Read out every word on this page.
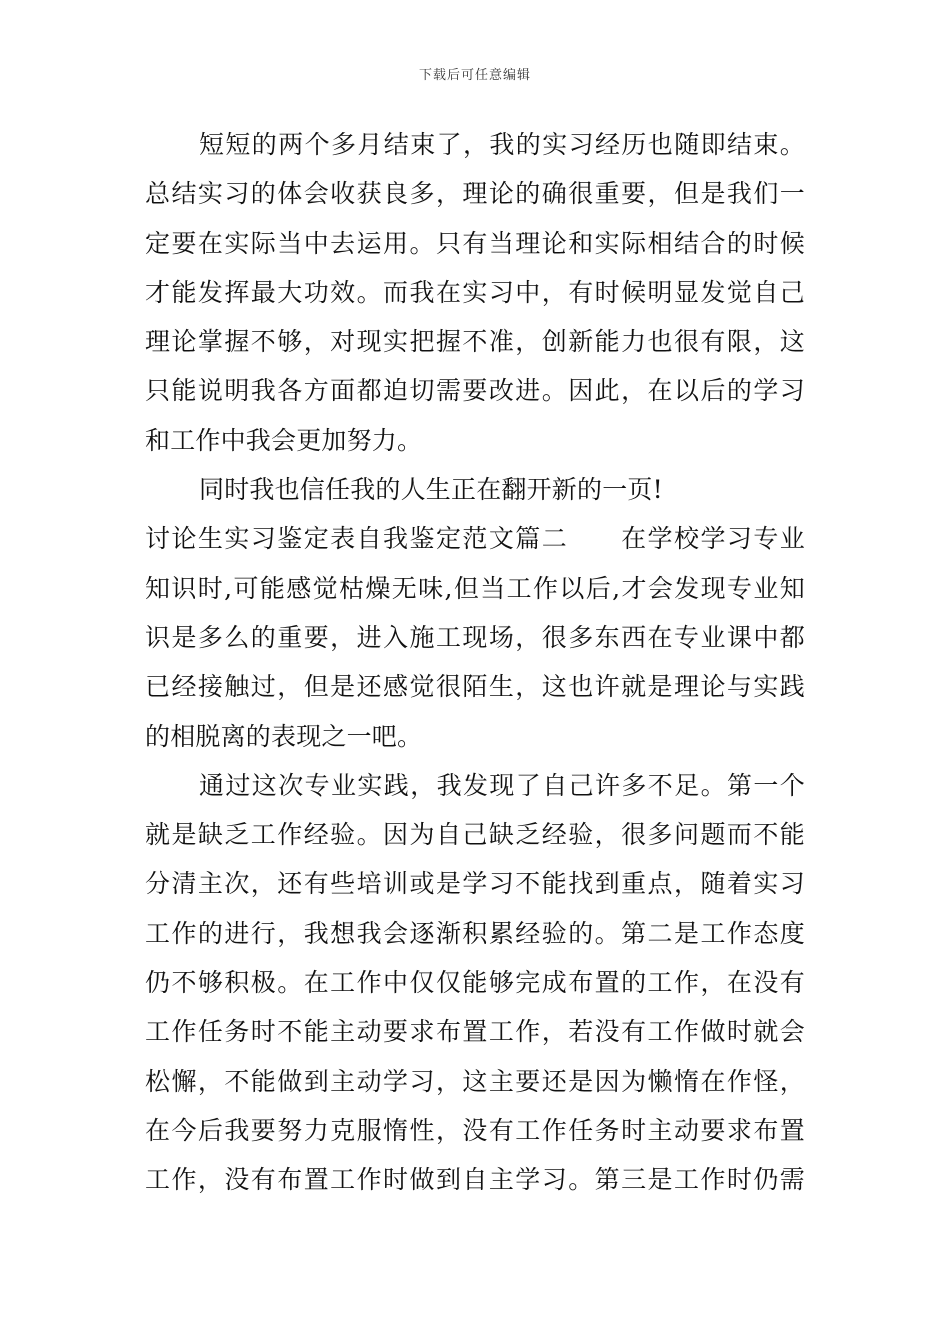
下载后可任意编辑
短短的两个多月结束了，我的实习经历也随即结束。
总结实习的体会收获良多，理论的确很重要，但是我们一
定要在实际当中去运用。只有当理论和实际相结合的时候
才能发挥最大功效。而我在实习中，有时候明显发觉自己
理论掌握不够，对现实把握不准，创新能力也很有限，这
只能说明我各方面都迫切需要改进。因此，在以后的学习
和工作中我会更加努力。
同时我也信任我的人生正在翻开新的一页!
讨论生实习鉴定表自我鉴定范文篇二　　在学校学习专业
知识时,可能感觉枯燥无味,但当工作以后,才会发现专业知
识是多么的重要，进入施工现场，很多东西在专业课中都
已经接触过，但是还感觉很陌生，这也许就是理论与实践
的相脱离的表现之一吧。
通过这次专业实践，我发现了自己许多不足。第一个
就是缺乏工作经验。因为自己缺乏经验，很多问题而不能
分清主次，还有些培训或是学习不能找到重点，随着实习
工作的进行，我想我会逐渐积累经验的。第二是工作态度
仍不够积极。在工作中仅仅能够完成布置的工作，在没有
工作任务时不能主动要求布置工作，若没有工作做时就会
松懈，不能做到主动学习，这主要还是因为懒惰在作怪，
在今后我要努力克服惰性，没有工作任务时主动要求布置
工作，没有布置工作时做到自主学习。第三是工作时仍需
